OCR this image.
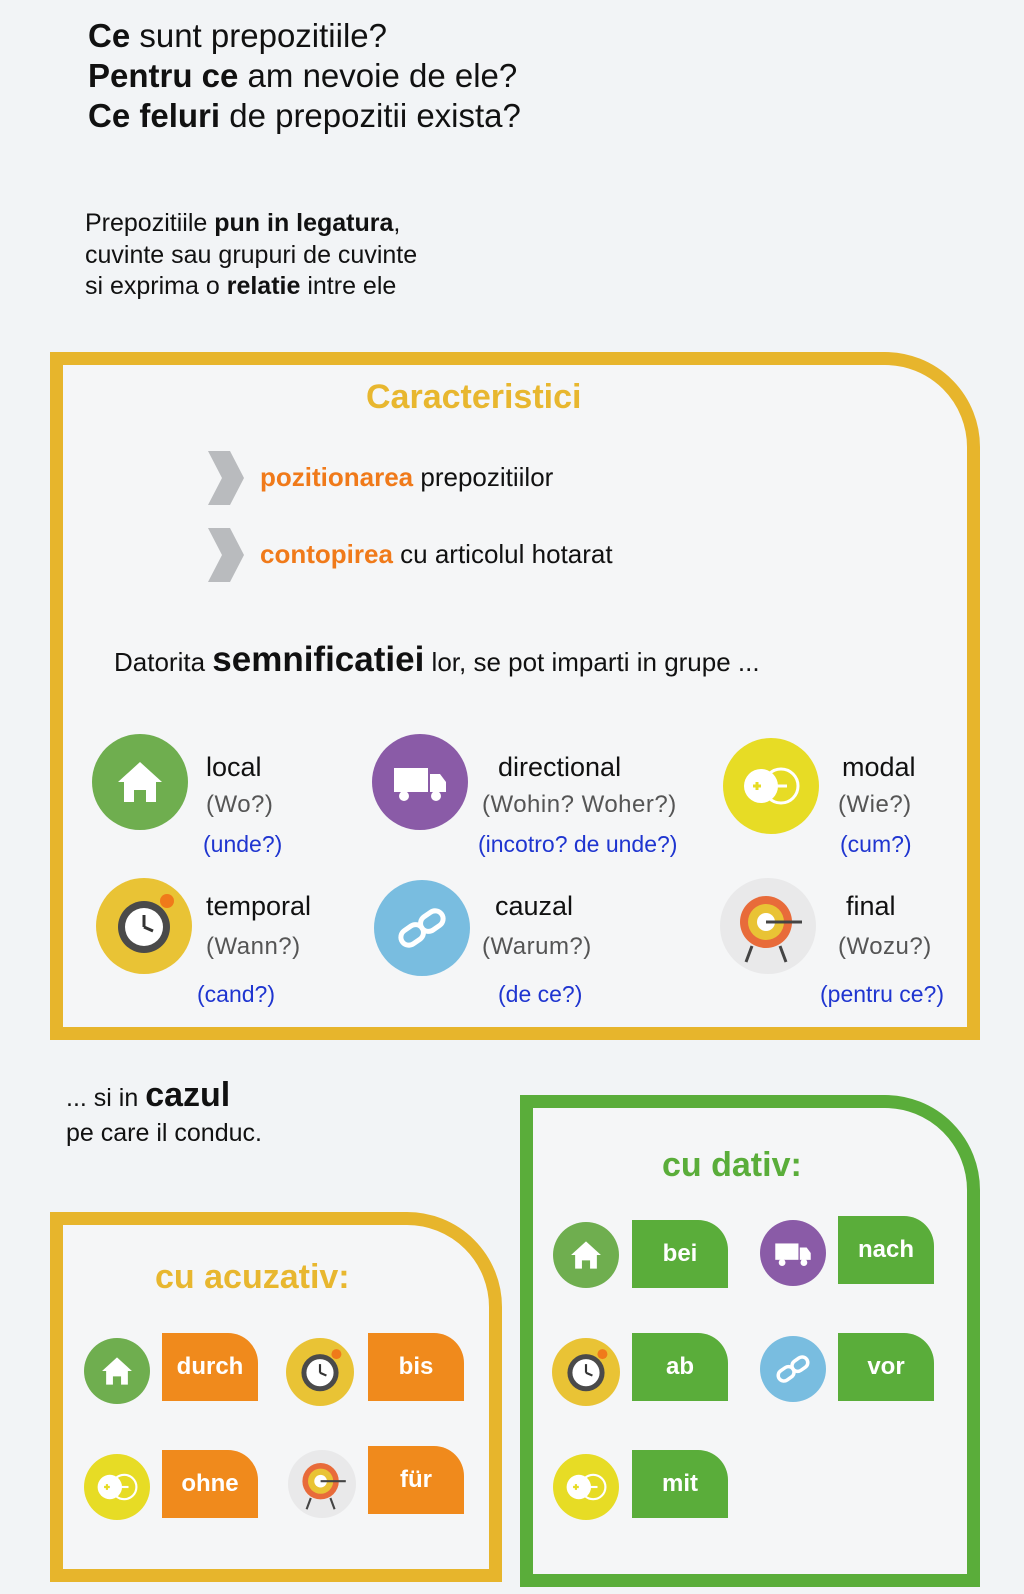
Ce sunt prepozitiile?
Pentru ce am nevoie de ele?
Ce feluri de prepozitii exista?
Prepozitiile pun in legatura,
cuvinte sau grupuri de cuvinte
si exprima o relatie intre ele
Caracteristici
pozitionarea prepozitiilor
contopirea cu articolul hotarat
Datorita semnificatiei lor, se pot imparti in grupe ...
local
(Wo?)
(unde?)
directional
(Wohin? Woher?)
(incotro? de unde?)
modal
(Wie?)
(cum?)
temporal
(Wann?)
(cand?)
cauzal
(Warum?)
(de ce?)
final
(Wozu?)
(pentru ce?)
... si in cazul
pe care il conduc.
cu acuzativ:
durch	bis
ohne	für
cu dativ:
bei	nach
ab	vor
mit
